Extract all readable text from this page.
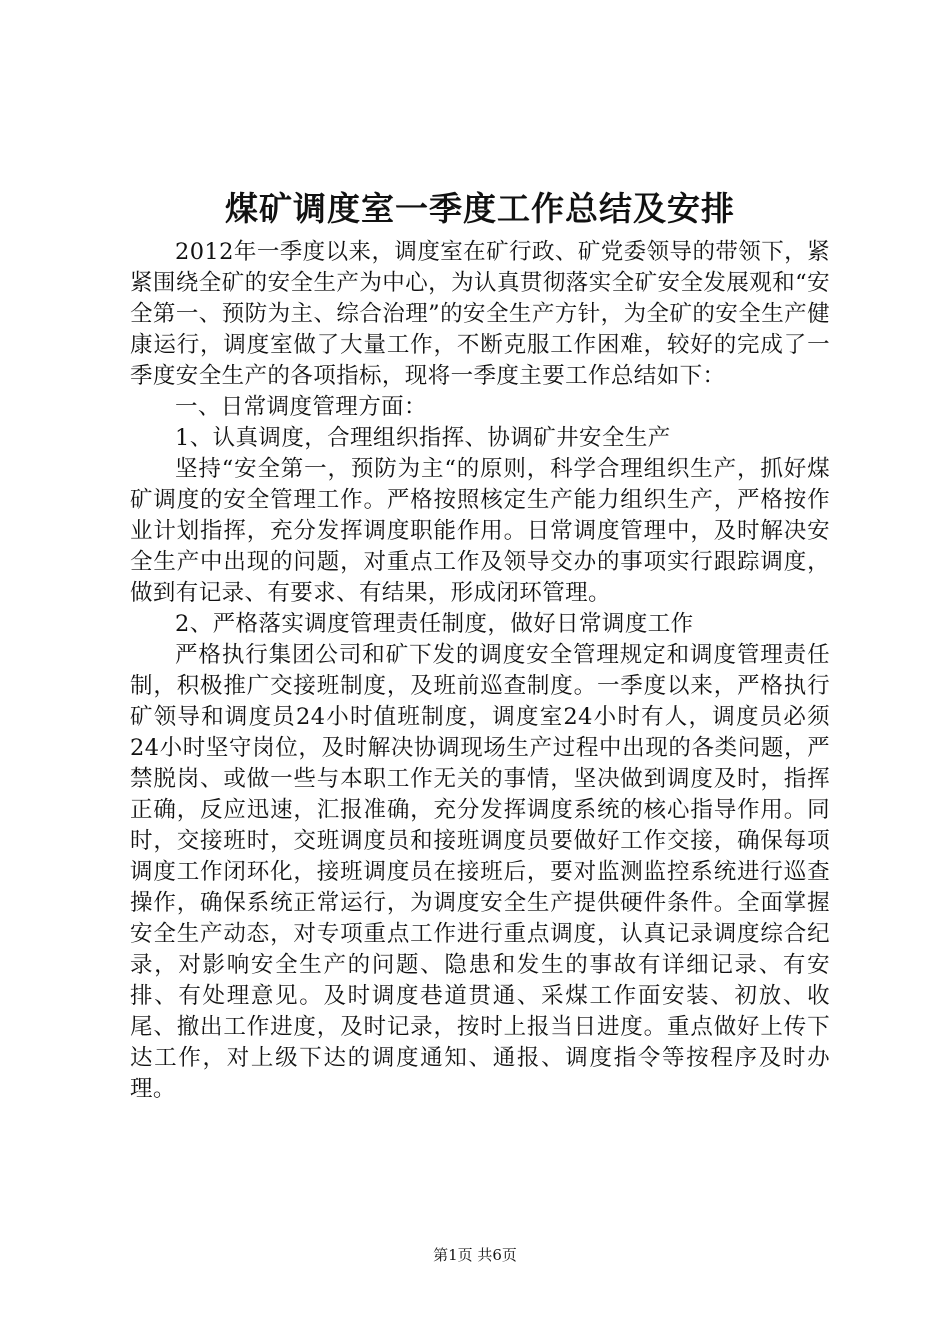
煤矿调度室一季度工作总结及安排

2012年一季度以来，调度室在矿行政、矿党委领导的带领下，紧紧围绕全矿的安全生产为中心，为认真贯彻落实全矿安全发展观和“安全第一、预防为主、综合治理”的安全生产方针，为全矿的安全生产健康运行，调度室做了大量工作，不断克服工作困难，较好的完成了一季度安全生产的各项指标，现将一季度主要工作总结如下：

一、日常调度管理方面：

1、认真调度，合理组织指挥、协调矿井安全生产

坚持“安全第一，预防为主“的原则，科学合理组织生产，抓好煤矿调度的安全管理工作。严格按照核定生产能力组织生产，严格按作业计划指挥，充分发挥调度职能作用。日常调度管理中，及时解决安全生产中出现的问题，对重点工作及领导交办的事项实行跟踪调度，做到有记录、有要求、有结果，形成闭环管理。

2、严格落实调度管理责任制度，做好日常调度工作

严格执行集团公司和矿下发的调度安全管理规定和调度管理责任制，积极推广交接班制度，及班前巡查制度。一季度以来，严格执行矿领导和调度员24小时值班制度，调度室24小时有人，调度员必须24小时坚守岗位，及时解决协调现场生产过程中出现的各类问题，严禁脱岗、或做一些与本职工作无关的事情，坚决做到调度及时，指挥正确，反应迅速，汇报准确，充分发挥调度系统的核心指导作用。同时，交接班时，交班调度员和接班调度员要做好工作交接，确保每项调度工作闭环化，接班调度员在接班后，要对监测监控系统进行巡查操作，确保系统正常运行，为调度安全生产提供硬件条件。全面掌握安全生产动态，对专项重点工作进行重点调度，认真记录调度综合纪录，对影响安全生产的问题、隐患和发生的事故有详细记录、有安排、有处理意见。及时调度巷道贯通、采煤工作面安装、初放、收尾、撤出工作进度，及时记录，按时上报当日进度。重点做好上传下达工作，对上级下达的调度通知、通报、调度指令等按程序及时办理。

第1页 共6页
